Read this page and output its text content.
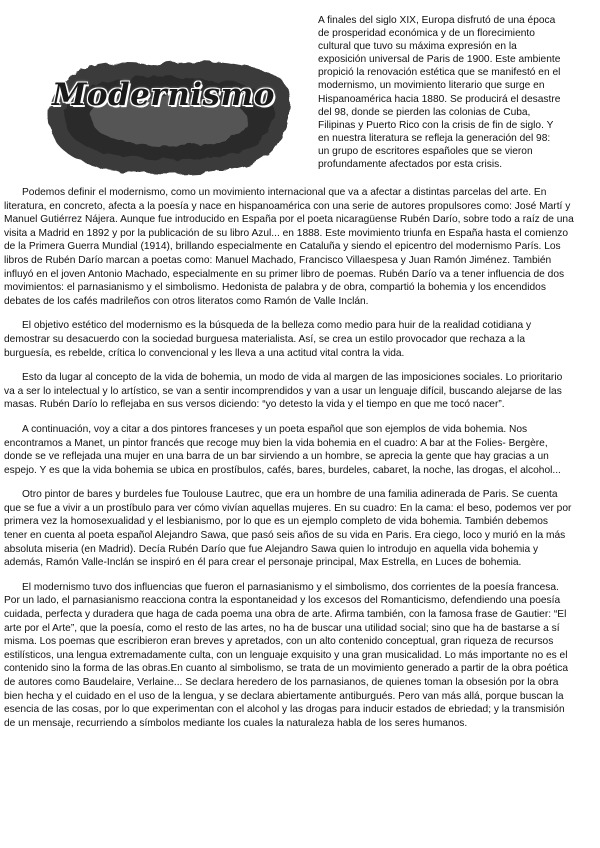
Modernismo

A finales del siglo XIX, Europa disfrutó de una época de prosperidad económica y de un florecimiento cultural que tuvo su máxima expresión en la exposición universal de Paris de 1900. Este ambiente propició la renovación estética que se manifestó en el modernismo, un movimiento literario que surge en Hispanoamérica hacia 1880. Se producirá el desastre del 98, donde se pierden las colonias de Cuba, Filipinas y Puerto Rico con la crisis de fin de siglo. Y en nuestra literatura se refleja la generación del 98: un grupo de escritores españoles que se vieron profundamente afectados por esta crisis.

Podemos definir el modernismo, como un movimiento internacional que va a afectar a distintas parcelas del arte. En literatura, en concreto, afecta a la poesía y nace en hispanoamérica con una serie de autores propulsores como: José Martí y Manuel Gutiérrez Nájera. Aunque fue introducido en España por el poeta nicaragüense Rubén Darío, sobre todo a raíz de una visita a Madrid en 1892 y por la publicación de su libro Azul... en 1888. Este movimiento triunfa en España hasta el comienzo de la Primera Guerra Mundial (1914), brillando especialmente en Cataluña y siendo el epicentro del modernismo París. Los libros de Rubén Darío marcan a poetas como: Manuel Machado, Francisco Villaespesa y Juan Ramón Jiménez. También influyó en el joven Antonio Machado, especialmente en su primer libro de poemas. Rubén Darío va a tener influencia de dos movimientos: el parnasianismo y el simbolismo. Hedonista de palabra y de obra, compartió la bohemia y los encendidos debates de los cafés madrileños con otros literatos como Ramón de Valle Inclán.

El objetivo estético del modernismo es la búsqueda de la belleza como medio para huir de la realidad cotidiana y demostrar su desacuerdo con la sociedad burguesa materialista. Así, se crea un estilo provocador que rechaza a la burguesía, es rebelde, crítica lo convencional y les lleva a una actitud vital contra la vida.

Esto da lugar al concepto de la vida de bohemia, un modo de vida al margen de las imposiciones sociales. Lo prioritario va a ser lo intelectual y lo artístico, se van a sentir incomprendidos y van a usar un lenguaje difícil, buscando alejarse de las masas. Rubén Darío lo reflejaba en sus versos diciendo: “yo detesto la vida y el tiempo en que me tocó nacer”.

A continuación, voy a citar a dos pintores franceses y un poeta español que son ejemplos de vida bohemia. Nos encontramos a Manet, un pintor francés que recoge muy bien la vida bohemia en el cuadro: A bar at the Folies- Bergère, donde se ve reflejada una mujer en una barra de un bar sirviendo a un hombre, se aprecia la gente que hay gracias a un espejo. Y es que la vida bohemia se ubica en prostíbulos, cafés, bares, burdeles, cabaret, la noche, las drogas, el alcohol...

Otro pintor de bares y burdeles fue Toulouse Lautrec, que era un hombre de una familia adinerada de Paris. Se cuenta que se fue a vivir a un prostíbulo para ver cómo vivían aquellas mujeres. En su cuadro: En la cama: el beso, podemos ver por primera vez la homosexualidad y el lesbianismo, por lo que es un ejemplo completo de vida bohemia. También debemos tener en cuenta al poeta español Alejandro Sawa, que pasó seis años de su vida en Paris. Era ciego, loco y murió en la más absoluta miseria (en Madrid). Decía Rubén Darío que fue Alejandro Sawa quien lo introdujo en aquella vida bohemia y además, Ramón Valle-Inclán se inspiró en él para crear el personaje principal, Max Estrella, en Luces de bohemia.

El modernismo tuvo dos influencias que fueron el parnasianismo y el simbolismo, dos corrientes de la poesía francesa. Por un lado, el parnasianismo reacciona contra la espontaneidad y los excesos del Romanticismo, defendiendo una poesía cuidada, perfecta y duradera que haga de cada poema una obra de arte. Afirma también, con la famosa frase de Gautier: “El arte por el Arte”, que la poesía, como el resto de las artes, no ha de buscar una utilidad social; sino que ha de bastarse a sí misma. Los poemas que escribieron eran breves y apretados, con un alto contenido conceptual, gran riqueza de recursos estilísticos, una lengua extremadamente culta, con un lenguaje exquisito y una gran musicalidad. Lo más importante no es el contenido sino la forma de las obras.En cuanto al simbolismo, se trata de un movimiento generado a partir de la obra poética de autores como Baudelaire, Verlaine... Se declara heredero de los parnasianos, de quienes toman la obsesión por la obra bien hecha y el cuidado en el uso de la lengua, y se declara abiertamente antiburgués. Pero van más allá, porque buscan la esencia de las cosas, por lo que experimentan con el alcohol y las drogas para inducir estados de ebriedad; y la transmisión de un mensaje, recurriendo a símbolos mediante los cuales la naturaleza habla de los seres humanos.
